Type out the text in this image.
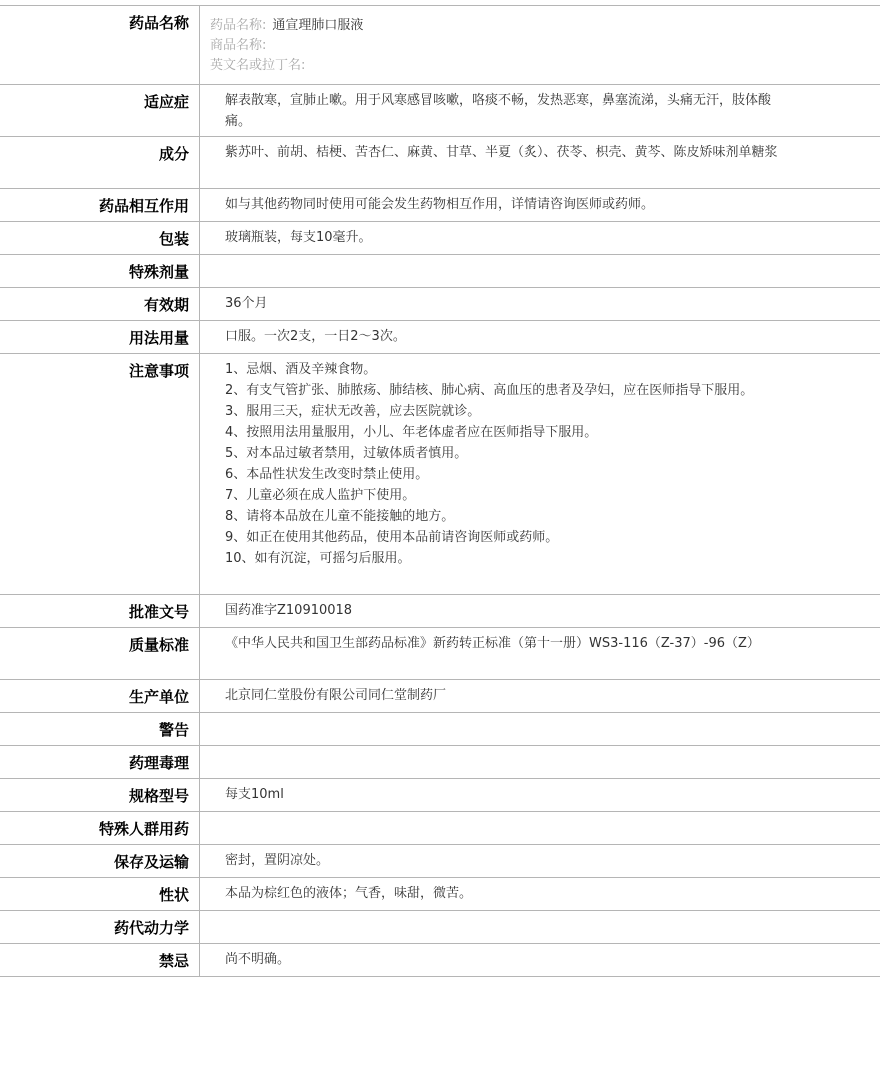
药品名称	药品名称: 通宣理肺口服液
商品名称:
英文名或拉丁名:
适应症	解表散寒，宣肺止嗽。用于风寒感冒咳嗽，咯痰不畅，发热恶寒，鼻塞流涕，头痛无汗，肢体酸痛。
成分	紫苏叶、前胡、桔梗、苦杏仁、麻黄、甘草、半夏（炙）、茯苓、枳壳、黄芩、陈皮矫味剂单糖浆
药品相互作用	如与其他药物同时使用可能会发生药物相互作用，详情请咨询医师或药师。
包装	玻璃瓶装，每支10毫升。
特殊剂量
有效期	36个月
用法用量	口服。一次2支，一日2～3次。
注意事项	1、忌烟、酒及辛辣食物。
2、有支气管扩张、肺脓疡、肺结核、肺心病、高血压的患者及孕妇，应在医师指导下服用。
3、服用三天，症状无改善，应去医院就诊。
4、按照用法用量服用，小儿、年老体虚者应在医师指导下服用。
5、对本品过敏者禁用，过敏体质者慎用。
6、本品性状发生改变时禁止使用。
7、儿童必须在成人监护下使用。
8、请将本品放在儿童不能接触的地方。
9、如正在使用其他药品，使用本品前请咨询医师或药师。
10、如有沉淀，可摇匀后服用。
批准文号	国药准字Z10910018
质量标准	《中华人民共和国卫生部药品标准》新药转正标准（第十一册）WS3-116（Z-37）-96（Z）
生产单位	北京同仁堂股份有限公司同仁堂制药厂
警告
药理毒理
规格型号	每支10ml
特殊人群用药
保存及运输	密封，置阴凉处。
性状	本品为棕红色的液体；气香，味甜，微苦。
药代动力学
禁忌	尚不明确。
